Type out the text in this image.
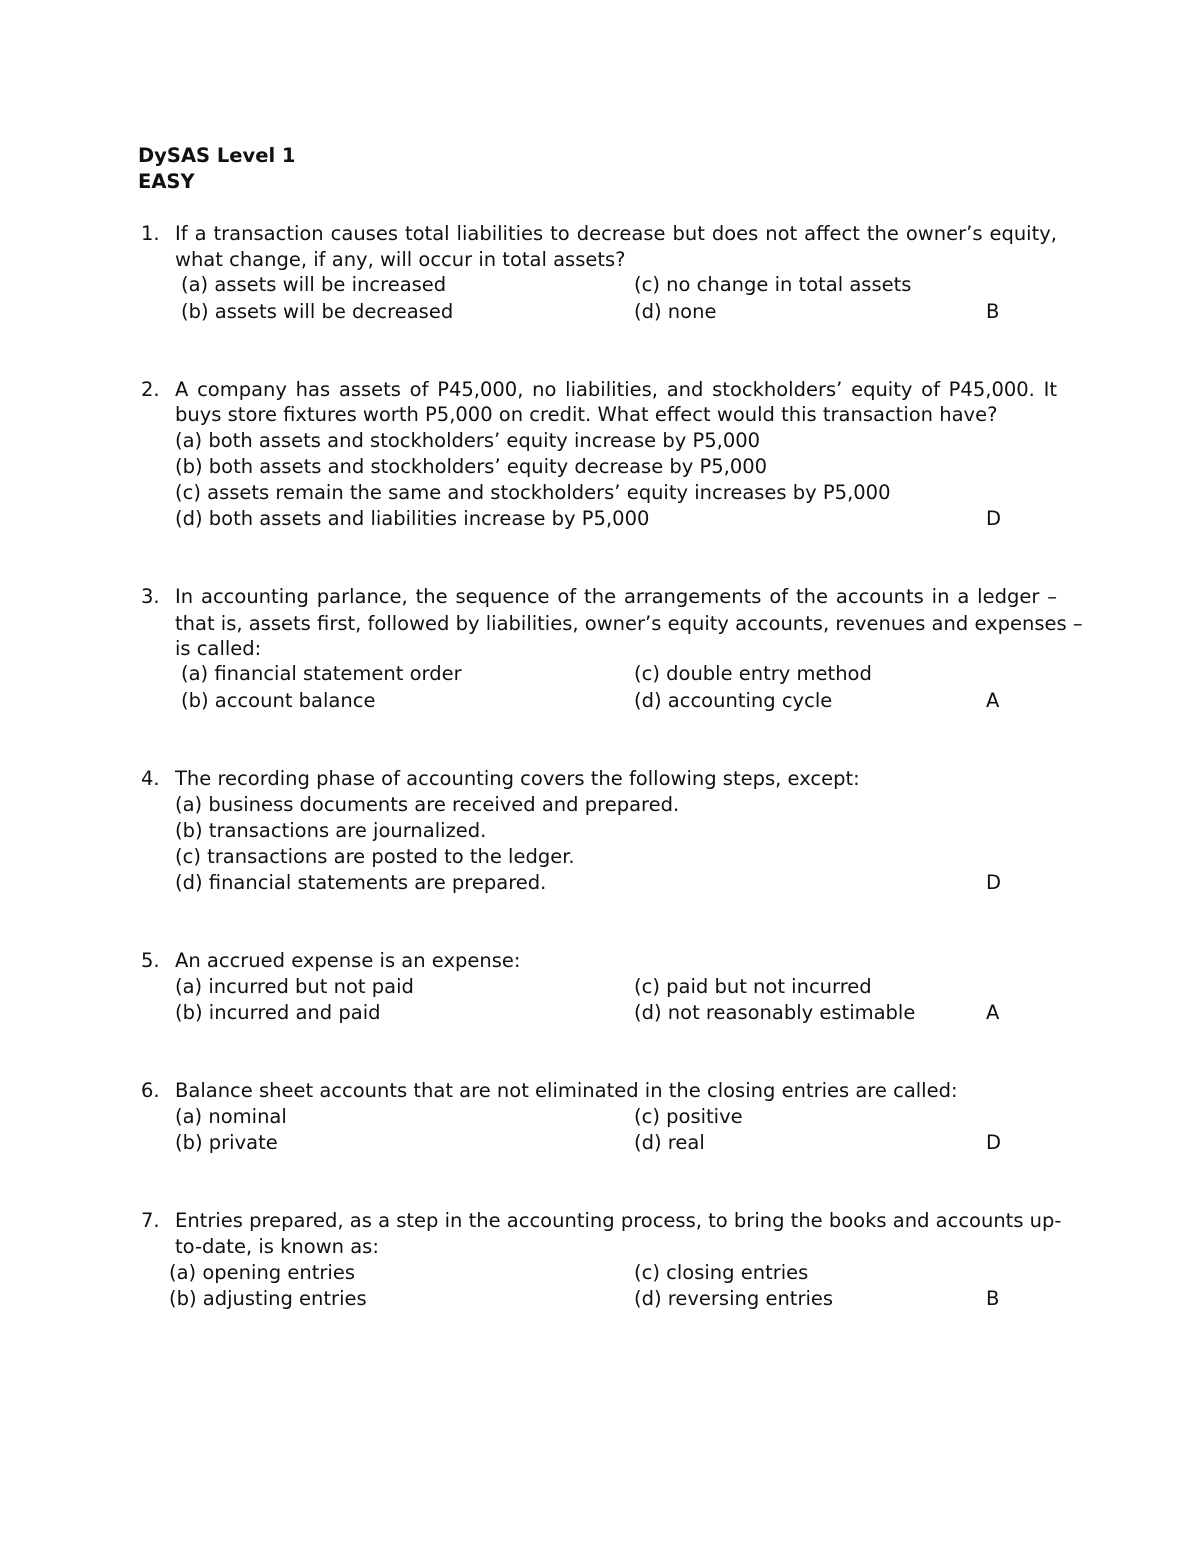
DySAS Level 1
EASY
1. If a transaction causes total liabilities to decrease but does not affect the owner’s equity,
what change, if any, will occur in total assets?
(a) assets will be increased	(c) no change in total assets
(b) assets will be decreased	(d) none	B
2. A company has assets of P45,000, no liabilities, and stockholders’ equity of P45,000. It
buys store fixtures worth P5,000 on credit. What effect would this transaction have?
(a) both assets and stockholders’ equity increase by P5,000
(b) both assets and stockholders’ equity decrease by P5,000
(c) assets remain the same and stockholders’ equity increases by P5,000
(d) both assets and liabilities increase by P5,000	D
3. In accounting parlance, the sequence of the arrangements of the accounts in a ledger –
that is, assets first, followed by liabilities, owner’s equity accounts, revenues and expenses –
is called:
(a) financial statement order	(c) double entry method
(b) account balance	(d) accounting cycle	A
4. The recording phase of accounting covers the following steps, except:
(a) business documents are received and prepared.
(b) transactions are journalized.
(c) transactions are posted to the ledger.
(d) financial statements are prepared.	D
5. An accrued expense is an expense:
(a) incurred but not paid	(c) paid but not incurred
(b) incurred and paid	(d) not reasonably estimable	A
6. Balance sheet accounts that are not eliminated in the closing entries are called:
(a) nominal	(c) positive
(b) private	(d) real	D
7. Entries prepared, as a step in the accounting process, to bring the books and accounts up-
to-date, is known as:
(a) opening entries	(c) closing entries
(b) adjusting entries	(d) reversing entries	B
